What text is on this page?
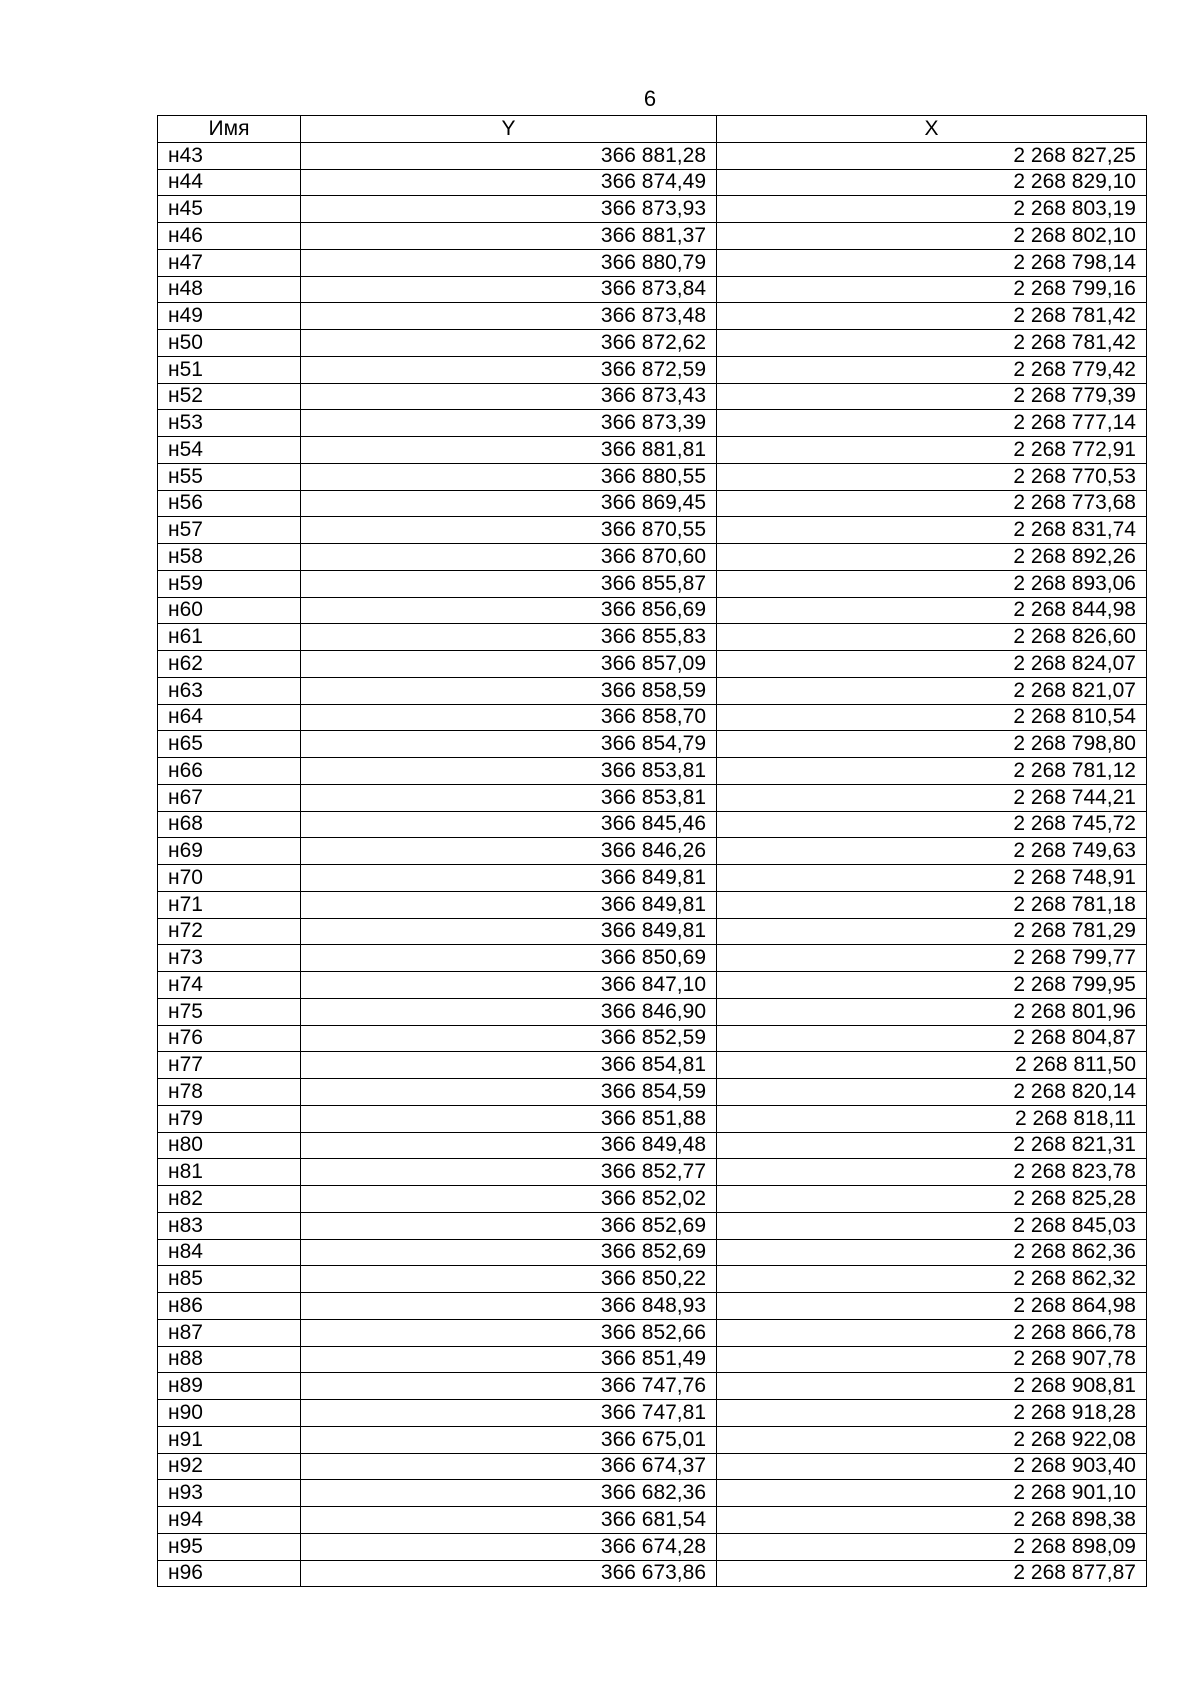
6
Имя	Y	X
н43	366 881,28	2 268 827,25
н44	366 874,49	2 268 829,10
н45	366 873,93	2 268 803,19
н46	366 881,37	2 268 802,10
н47	366 880,79	2 268 798,14
н48	366 873,84	2 268 799,16
н49	366 873,48	2 268 781,42
н50	366 872,62	2 268 781,42
н51	366 872,59	2 268 779,42
н52	366 873,43	2 268 779,39
н53	366 873,39	2 268 777,14
н54	366 881,81	2 268 772,91
н55	366 880,55	2 268 770,53
н56	366 869,45	2 268 773,68
н57	366 870,55	2 268 831,74
н58	366 870,60	2 268 892,26
н59	366 855,87	2 268 893,06
н60	366 856,69	2 268 844,98
н61	366 855,83	2 268 826,60
н62	366 857,09	2 268 824,07
н63	366 858,59	2 268 821,07
н64	366 858,70	2 268 810,54
н65	366 854,79	2 268 798,80
н66	366 853,81	2 268 781,12
н67	366 853,81	2 268 744,21
н68	366 845,46	2 268 745,72
н69	366 846,26	2 268 749,63
н70	366 849,81	2 268 748,91
н71	366 849,81	2 268 781,18
н72	366 849,81	2 268 781,29
н73	366 850,69	2 268 799,77
н74	366 847,10	2 268 799,95
н75	366 846,90	2 268 801,96
н76	366 852,59	2 268 804,87
н77	366 854,81	2 268 811,50
н78	366 854,59	2 268 820,14
н79	366 851,88	2 268 818,11
н80	366 849,48	2 268 821,31
н81	366 852,77	2 268 823,78
н82	366 852,02	2 268 825,28
н83	366 852,69	2 268 845,03
н84	366 852,69	2 268 862,36
н85	366 850,22	2 268 862,32
н86	366 848,93	2 268 864,98
н87	366 852,66	2 268 866,78
н88	366 851,49	2 268 907,78
н89	366 747,76	2 268 908,81
н90	366 747,81	2 268 918,28
н91	366 675,01	2 268 922,08
н92	366 674,37	2 268 903,40
н93	366 682,36	2 268 901,10
н94	366 681,54	2 268 898,38
н95	366 674,28	2 268 898,09
н96	366 673,86	2 268 877,87
